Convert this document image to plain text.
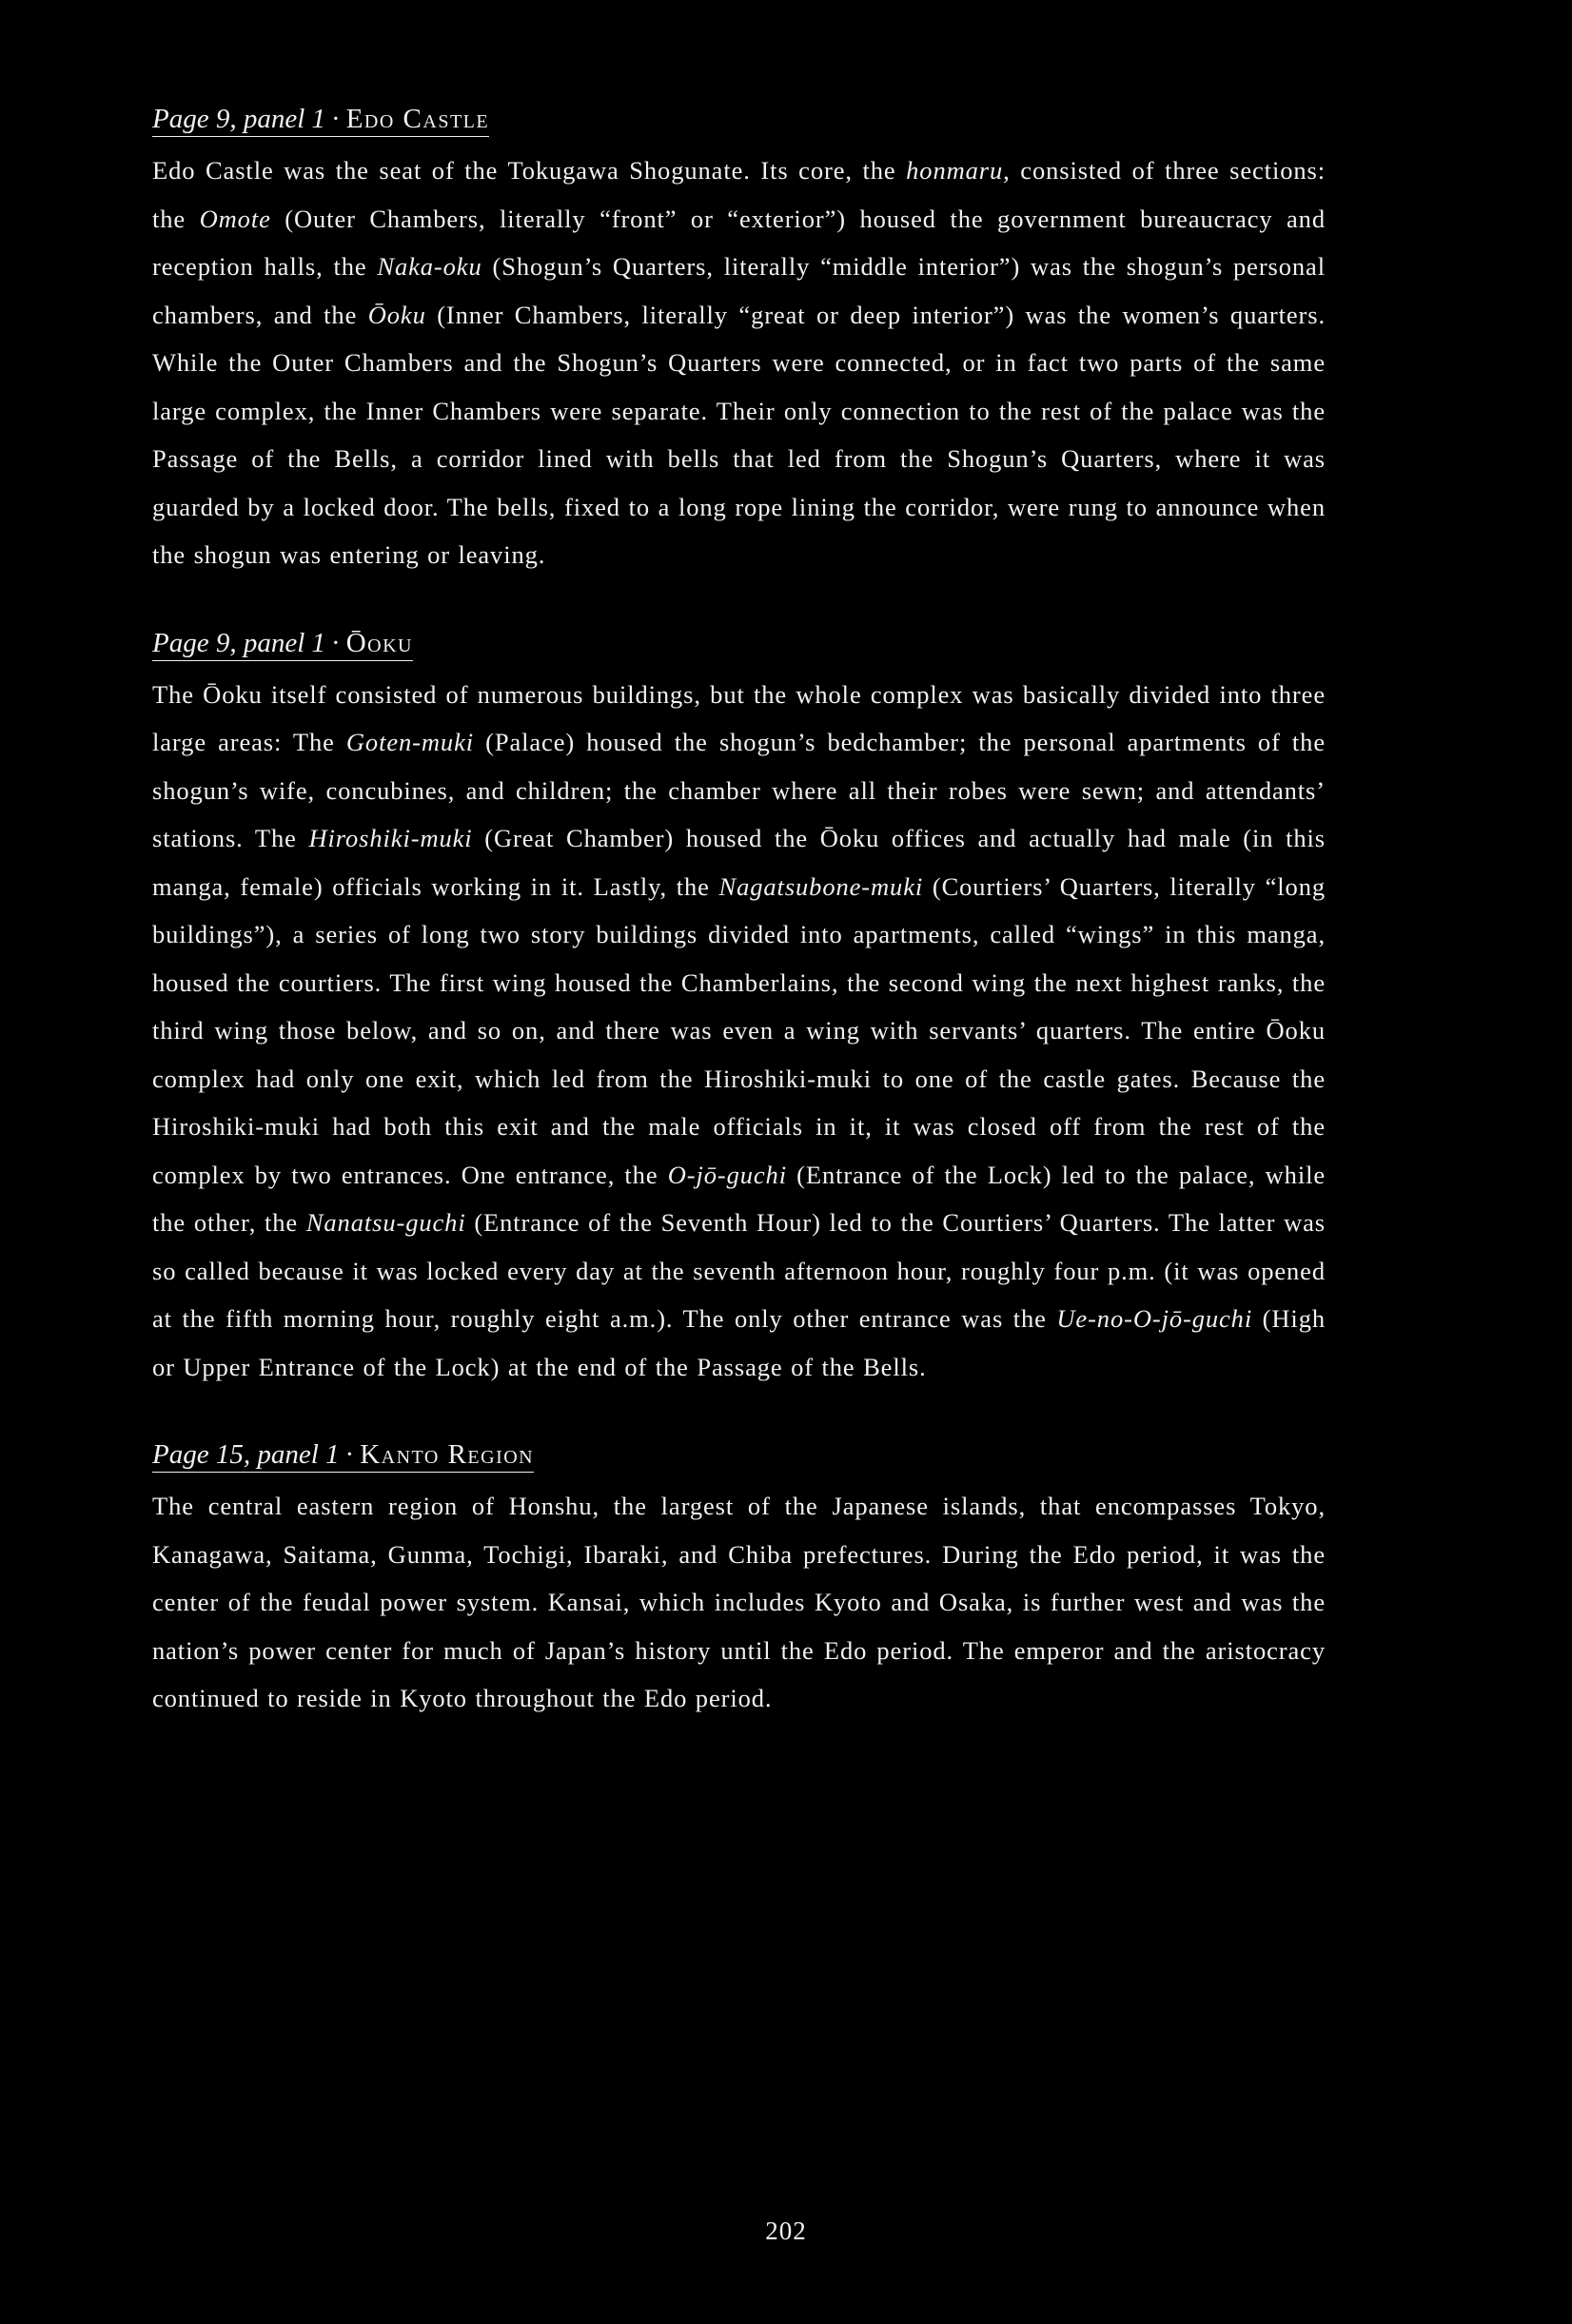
Page 9, panel 1 · Edo Castle

Edo Castle was the seat of the Tokugawa Shogunate. Its core, the honmaru, consisted of three sections: the Omote (Outer Chambers, literally “front” or “exterior”) housed the government bureaucracy and reception halls, the Naka-oku (Shogun’s Quarters, literally “middle interior”) was the shogun’s personal chambers, and the Ōoku (Inner Chambers, literally “great or deep interior”) was the women’s quarters. While the Outer Chambers and the Shogun’s Quarters were connected, or in fact two parts of the same large complex, the Inner Chambers were separate. Their only connection to the rest of the palace was the Passage of the Bells, a corridor lined with bells that led from the Shogun’s Quarters, where it was guarded by a locked door. The bells, fixed to a long rope lining the corridor, were rung to announce when the shogun was entering or leaving.

Page 9, panel 1 · Ōoku

The Ōoku itself consisted of numerous buildings, but the whole complex was basically divided into three large areas: The Goten-muki (Palace) housed the shogun’s bedchamber; the personal apartments of the shogun’s wife, concubines, and children; the chamber where all their robes were sewn; and attendants’ stations. The Hiroshiki-muki (Great Chamber) housed the Ōoku offices and actually had male (in this manga, female) officials working in it. Lastly, the Nagatsubone-muki (Courtiers’ Quarters, literally “long buildings”), a series of long two story buildings divided into apartments, called “wings” in this manga, housed the courtiers. The first wing housed the Chamberlains, the second wing the next highest ranks, the third wing those below, and so on, and there was even a wing with servants’ quarters. The entire Ōoku complex had only one exit, which led from the Hiroshiki-muki to one of the castle gates. Because the Hiroshiki-muki had both this exit and the male officials in it, it was closed off from the rest of the complex by two entrances. One entrance, the O-jō-guchi (Entrance of the Lock) led to the palace, while the other, the Nanatsu-guchi (Entrance of the Seventh Hour) led to the Courtiers’ Quarters. The latter was so called because it was locked every day at the seventh afternoon hour, roughly four p.m. (it was opened at the fifth morning hour, roughly eight a.m.). The only other entrance was the Ue-no-O-jō-guchi (High or Upper Entrance of the Lock) at the end of the Passage of the Bells.

Page 15, panel 1 · Kanto Region

The central eastern region of Honshu, the largest of the Japanese islands, that encompasses Tokyo, Kanagawa, Saitama, Gunma, Tochigi, Ibaraki, and Chiba prefectures. During the Edo period, it was the center of the feudal power system. Kansai, which includes Kyoto and Osaka, is further west and was the nation’s power center for much of Japan’s history until the Edo period. The emperor and the aristocracy continued to reside in Kyoto throughout the Edo period.

202
